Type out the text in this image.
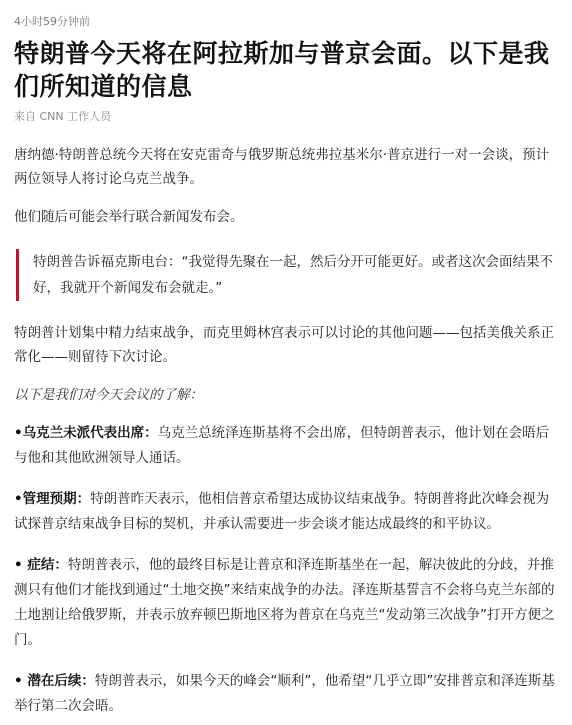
4小时59分钟前
特朗普今天将在阿拉斯加与普京会面。以下是我们所知道的信息
来自 CNN 工作人员

唐纳德·特朗普总统今天将在安克雷奇与俄罗斯总统弗拉基米尔·普京进行一对一会谈，预计两位领导人将讨论乌克兰战争。

他们随后可能会举行联合新闻发布会。

特朗普告诉福克斯电台：“我觉得先聚在一起，然后分开可能更好。或者这次会面结果不好，我就开个新闻发布会就走。”

特朗普计划集中精力结束战争，而克里姆林宫表示可以讨论的其他问题——包括美俄关系正常化——则留待下次讨论。

以下是我们对今天会议的了解：

•乌克兰未派代表出席：乌克兰总统泽连斯基将不会出席，但特朗普表示，他计划在会晤后与他和其他欧洲领导人通话。

•管理预期：特朗普昨天表示，他相信普京希望达成协议结束战争。特朗普将此次峰会视为试探普京结束战争目标的契机，并承认需要进一步会谈才能达成最终的和平协议。

• 症结：特朗普表示，他的最终目标是让普京和泽连斯基坐在一起，解决彼此的分歧，并推测只有他们才能找到通过“土地交换”来结束战争的办法。泽连斯基誓言不会将乌克兰东部的土地割让给俄罗斯，并表示放弃顿巴斯地区将为普京在乌克兰“发动第三次战争”打开方便之门。

• 潜在后续：特朗普表示，如果今天的峰会“顺利”，他希望“几乎立即”安排普京和泽连斯基举行第二次会晤。
